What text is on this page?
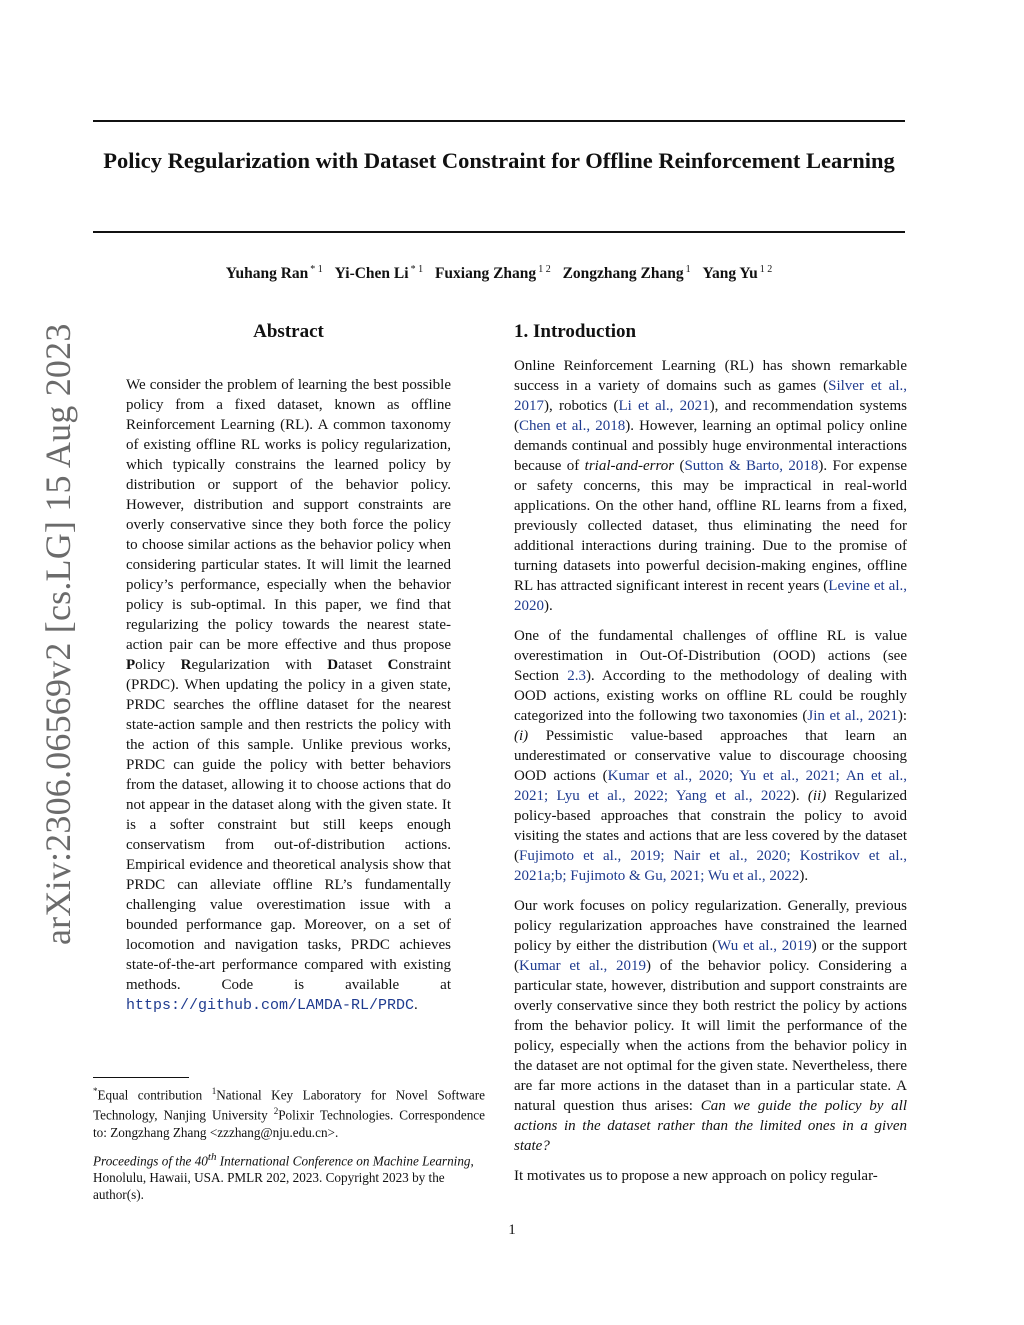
arXiv:2306.06569v2 [cs.LG] 15 Aug 2023
Policy Regularization with Dataset Constraint for Offline Reinforcement Learning
Yuhang Ran $^{* 1}$ Yi-Chen Li $^{* 1}$ Fuxiang Zhang $^{1 2}$ Zongzhang Zhang $^1$ Yang Yu $^{1 2}$
Abstract

We consider the problem of learning the best possible policy from a fixed dataset, known as offline Reinforcement Learning (RL). A common taxonomy of existing offline RL works is policy regularization, which typically constrains the learned policy by distribution or support of the behavior policy. However, distribution and support constraints are overly conservative since they both force the policy to choose similar actions as the behavior policy when considering particular states. It will limit the learned policy’s performance, especially when the behavior policy is sub-optimal. In this paper, we find that regularizing the policy towards the nearest state-action pair can be more effective and thus propose Policy Regularization with Dataset Constraint (PRDC). When updating the policy in a given state, PRDC searches the offline dataset for the nearest state-action sample and then restricts the policy with the action of this sample. Unlike previous works, PRDC can guide the policy with better behaviors from the dataset, allowing it to choose actions that do not appear in the dataset along with the given state. It is a softer constraint but still keeps enough conservatism from out-of-distribution actions. Empirical evidence and theoretical analysis show that PRDC can alleviate offline RL’s fundamentally challenging value overestimation issue with a bounded performance gap. Moreover, on a set of locomotion and navigation tasks, PRDC achieves state-of-the-art performance compared with existing methods. Code is available at https://github.com/LAMDA-RL/PRDC.

*Equal contribution $^1$National Key Laboratory for Novel Software Technology, Nanjing University $^2$Polixir Technologies. Correspondence to: Zongzhang Zhang <zzzhang@nju.edu.cn>.

Proceedings of the 40th International Conference on Machine Learning, Honolulu, Hawaii, USA. PMLR 202, 2023. Copyright 2023 by the author(s).

1. Introduction

Online Reinforcement Learning (RL) has shown remarkable success in a variety of domains such as games (Silver et al., 2017), robotics (Li et al., 2021), and recommendation systems (Chen et al., 2018). However, learning an optimal policy online demands continual and possibly huge environmental interactions because of trial-and-error (Sutton & Barto, 2018). For expense or safety concerns, this may be impractical in real-world applications. On the other hand, offline RL learns from a fixed, previously collected dataset, thus eliminating the need for additional interactions during training. Due to the promise of turning datasets into powerful decision-making engines, offline RL has attracted significant interest in recent years (Levine et al., 2020).

One of the fundamental challenges of offline RL is value overestimation in Out-Of-Distribution (OOD) actions (see Section 2.3). According to the methodology of dealing with OOD actions, existing works on offline RL could be roughly categorized into the following two taxonomies (Jin et al., 2021): (i) Pessimistic value-based approaches that learn an underestimated or conservative value to discourage choosing OOD actions (Kumar et al., 2020; Yu et al., 2021; An et al., 2021; Lyu et al., 2022; Yang et al., 2022). (ii) Regularized policy-based approaches that constrain the policy to avoid visiting the states and actions that are less covered by the dataset (Fujimoto et al., 2019; Nair et al., 2020; Kostrikov et al., 2021a;b; Fujimoto & Gu, 2021; Wu et al., 2022).

Our work focuses on policy regularization. Generally, previous policy regularization approaches have constrained the learned policy by either the distribution (Wu et al., 2019) or the support (Kumar et al., 2019) of the behavior policy. Considering a particular state, however, distribution and support constraints are overly conservative since they both restrict the policy by actions from the behavior policy. It will limit the performance of the policy, especially when the actions from the behavior policy in the dataset are not optimal for the given state. Nevertheless, there are far more actions in the dataset than in a particular state. A natural question thus arises: Can we guide the policy by all actions in the dataset rather than the limited ones in a given state?

It motivates us to propose a new approach on policy regular-

1
